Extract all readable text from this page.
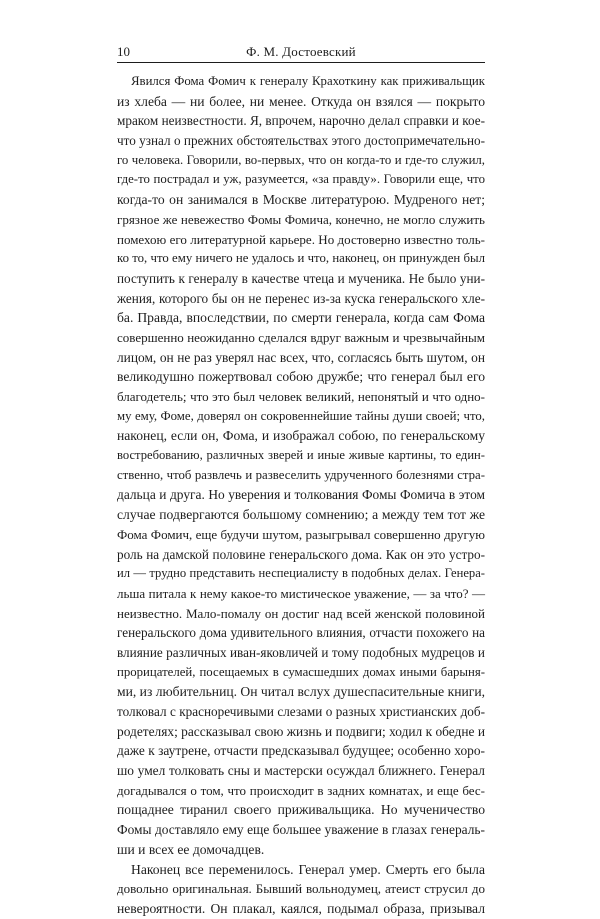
10	Ф. М. Достоевский
Явился Фома Фомич к генералу Крахоткину как приживальщик
из хлеба — ни более, ни менее. Откуда он взялся — покрыто
мраком неизвестности. Я, впрочем, нарочно делал справки и кое-
что узнал о прежних обстоятельствах этого достопримечательно-
го человека. Говорили, во-первых, что он когда-то и где-то служил,
где-то пострадал и уж, разумеется, «за правду». Говорили еще, что
когда-то он занимался в Москве литературою. Мудреного нет;
грязное же невежество Фомы Фомича, конечно, не могло служить
помехою его литературной карьере. Но достоверно известно толь-
ко то, что ему ничего не удалось и что, наконец, он принужден был
поступить к генералу в качестве чтеца и мученика. Не было уни-
жения, которого бы он не перенес из-за куска генеральского хле-
ба. Правда, впоследствии, по смерти генерала, когда сам Фома
совершенно неожиданно сделался вдруг важным и чрезвычайным
лицом, он не раз уверял нас всех, что, согласясь быть шутом, он
великодушно пожертвовал собою дружбе; что генерал был его
благодетель; что это был человек великий, непонятый и что одно-
му ему, Фоме, доверял он сокровеннейшие тайны души своей; что,
наконец, если он, Фома, и изображал собою, по генеральскому
востребованию, различных зверей и иные живые картины, то един-
ственно, чтоб развлечь и развеселить удрученного болезнями стра-
дальца и друга. Но уверения и толкования Фомы Фомича в этом
случае подвергаются большому сомнению; а между тем тот же
Фома Фомич, еще будучи шутом, разыгрывал совершенно другую
роль на дамской половине генеральского дома. Как он это устро-
ил — трудно представить неспециалисту в подобных делах. Генера-
льша питала к нему какое-то мистическое уважение, — за что? —
неизвестно. Мало-помалу он достиг над всей женской половиной
генеральского дома удивительного влияния, отчасти похожего на
влияние различных иван-яковличей и тому подобных мудрецов и
прорицателей, посещаемых в сумасшедших домах иными барыня-
ми, из любительниц. Он читал вслух душеспасительные книги,
толковал с красноречивыми слезами о разных христианских доб-
родетелях; рассказывал свою жизнь и подвиги; ходил к обедне и
даже к заутрене, отчасти предсказывал будущее; особенно хоро-
шо умел толковать сны и мастерски осуждал ближнего. Генерал
догадывался о том, что происходит в задних комнатах, и еще бес-
пощаднее тиранил своего приживальщика. Но мученичество
Фомы доставляло ему еще большее уважение в глазах генераль-
ши и всех ее домочадцев.
Наконец все переменилось. Генерал умер. Смерть его была
довольно оригинальная. Бывший вольнодумец, атеист струсил до
невероятности. Он плакал, каялся, подымал образа, призывал
